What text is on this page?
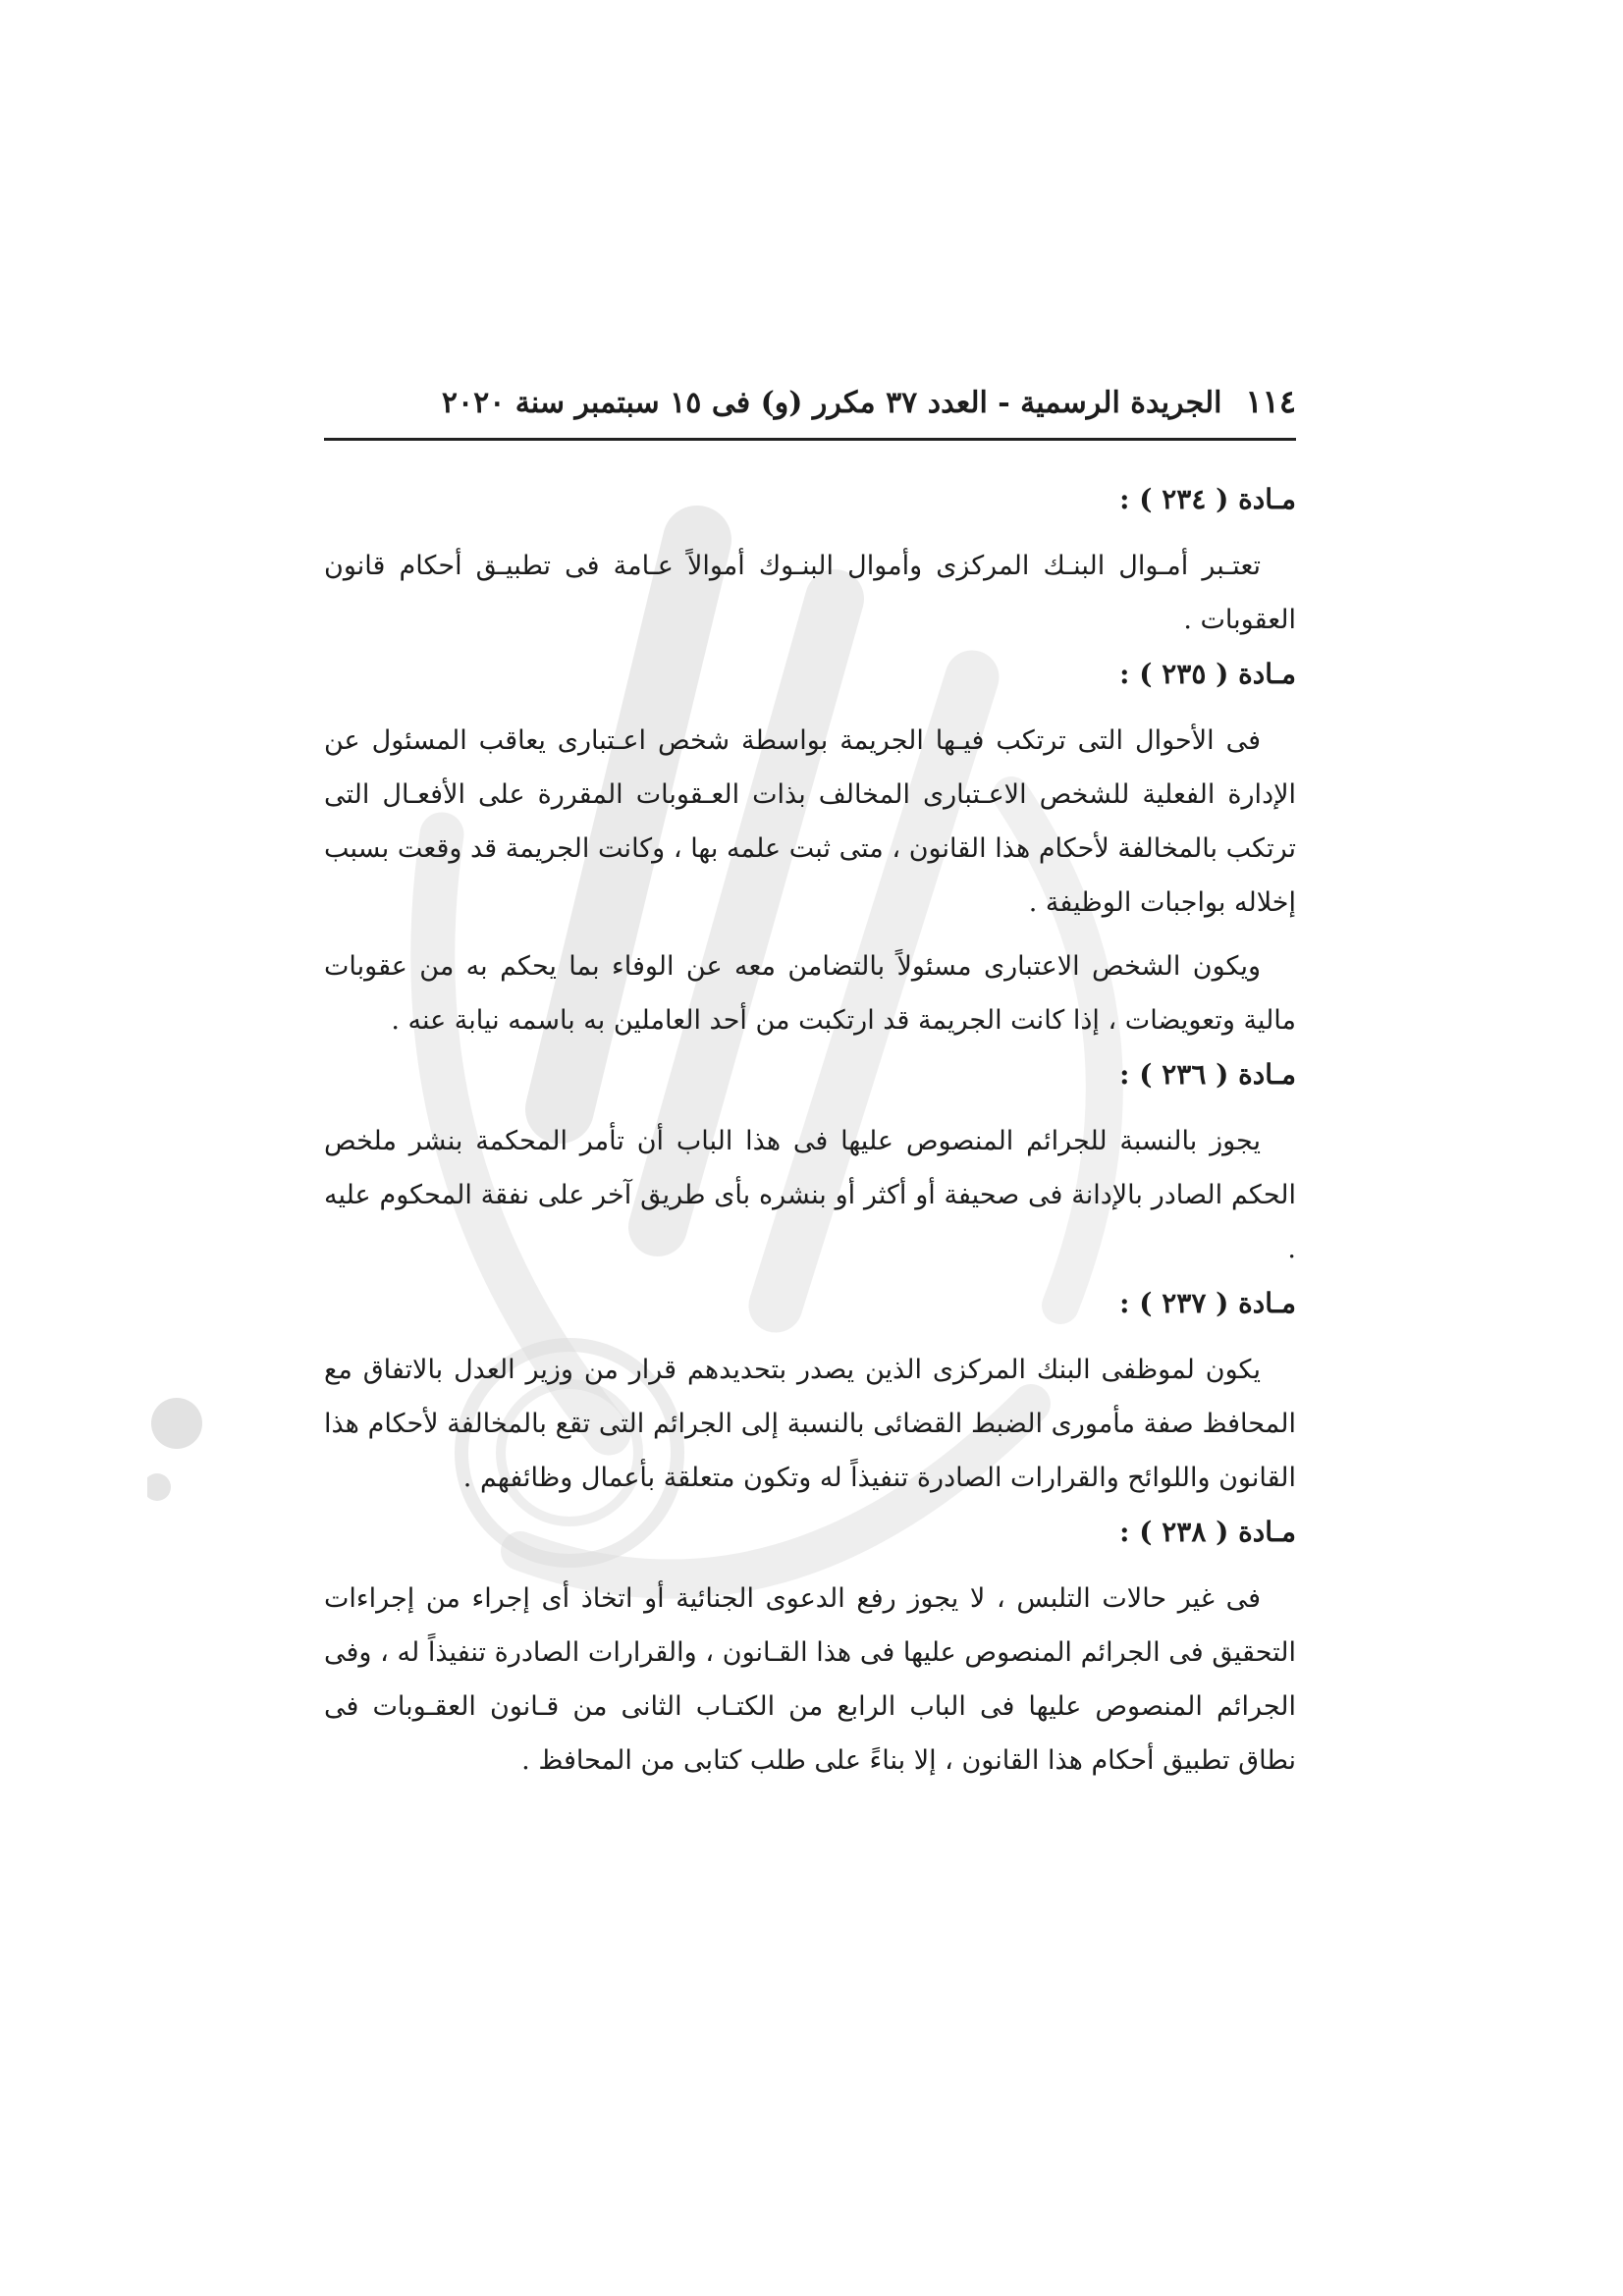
١١٤
الجريدة الرسمية - العدد ٣٧ مكرر (و) فى ١٥ سبتمبر سنة ٢٠٢٠
مـادة ( ٢٣٤ ) :

تعتـبر أمـوال البنـك المركزى وأموال البنـوك أموالاً عـامة فى تطبيـق أحكام قانون العقوبات .

مـادة ( ٢٣٥ ) :

فى الأحوال التى ترتكب فيـها الجريمة بواسطة شخص اعـتبارى يعاقب المسئول عن الإدارة الفعلية للشخص الاعـتبارى المخالف بذات العـقوبات المقررة على الأفعـال التى ترتكب بالمخالفة لأحكام هذا القانون ، متى ثبت علمه بها ، وكانت الجريمة قد وقعت بسبب إخلاله بواجبات الوظيفة .

ويكون الشخص الاعتبارى مسئولاً بالتضامن معه عن الوفاء بما يحكم به من عقوبات مالية وتعويضات ، إذا كانت الجريمة قد ارتكبت من أحد العاملين به باسمه نيابة عنه .

مـادة ( ٢٣٦ ) :

يجوز بالنسبة للجرائم المنصوص عليها فى هذا الباب أن تأمر المحكمة بنشر ملخص الحكم الصادر بالإدانة فى صحيفة أو أكثر أو بنشره بأى طريق آخر على نفقة المحكوم عليه .

مـادة ( ٢٣٧ ) :

يكون لموظفى البنك المركزى الذين يصدر بتحديدهم قرار من وزير العدل بالاتفاق مع المحافظ صفة مأمورى الضبط القضائى بالنسبة إلى الجرائم التى تقع بالمخالفة لأحكام هذا القانون واللوائح والقرارات الصادرة تنفيذاً له وتكون متعلقة بأعمال وظائفهم .

مـادة ( ٢٣٨ ) :

فى غير حالات التلبس ، لا يجوز رفع الدعوى الجنائية أو اتخاذ أى إجراء من إجراءات التحقيق فى الجرائم المنصوص عليها فى هذا القـانون ، والقرارات الصادرة تنفيذاً له ، وفى الجرائم المنصوص عليها فى الباب الرابع من الكتـاب الثانى من قـانون العقـوبات فى نطاق تطبيق أحكام هذا القانون ، إلا بناءً على طلب كتابى من المحافظ .
